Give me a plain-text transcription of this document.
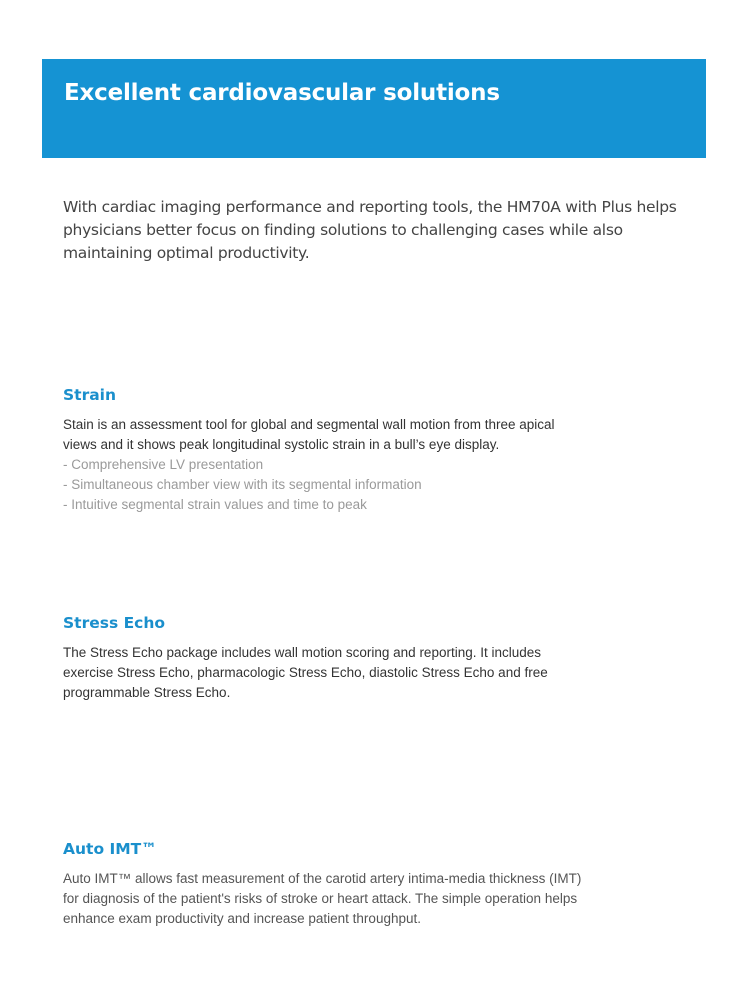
Excellent cardiovascular solutions

With cardiac imaging performance and reporting tools, the HM70A with Plus helps physicians better focus on finding solutions to challenging cases while also maintaining optimal productivity.

Strain

Stain is an assessment tool for global and segmental wall motion from three apical views and it shows peak longitudinal systolic strain in a bull’s eye display.

- Comprehensive LV presentation
- Simultaneous chamber view with its segmental information
- Intuitive segmental strain values and time to peak
Stress Echo

The Stress Echo package includes wall motion scoring and reporting. It includes exercise Stress Echo, pharmacologic Stress Echo, diastolic Stress Echo and free programmable Stress Echo.

Auto IMT™

Auto IMT™ allows fast measurement of the carotid artery intima-media thickness (IMT) for diagnosis of the patient's risks of stroke or heart attack. The simple operation helps enhance exam productivity and increase patient throughput.
